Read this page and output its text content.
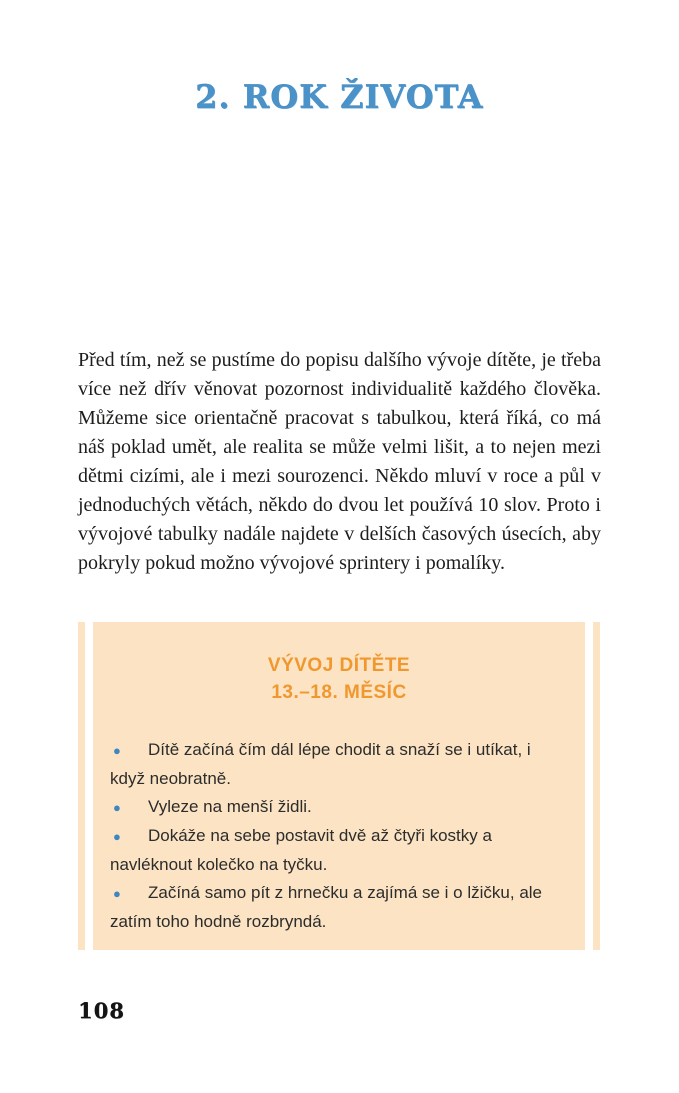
2. ROK ŽIVOTA

Před tím, než se pustíme do popisu dalšího vývoje dítěte, je třeba více než dřív věnovat pozornost individualitě každého člověka. Můžeme sice orientačně pracovat s tabulkou, která říká, co má náš poklad umět, ale realita se může velmi lišit, a to nejen mezi dětmi cizími, ale i mezi sourozenci. Někdo mluví v roce a půl v jednoduchých větách, někdo do dvou let používá 10 slov. Proto i vývojové tabulky nadále najdete v delších časových úsecích, aby pokryly pokud možno vývojové sprintery i pomalíky.

VÝVOJ DÍTĚTE
13.–18. MĚSÍC

● Dítě začíná čím dál lépe chodit a snaží se i utíkat, i když neobratně.

● Vyleze na menší židli.

● Dokáže na sebe postavit dvě až čtyři kostky a navléknout kolečko na tyčku.

● Začíná samo pít z hrnečku a zajímá se i o lžičku, ale zatím toho hodně rozbryndá.

108
